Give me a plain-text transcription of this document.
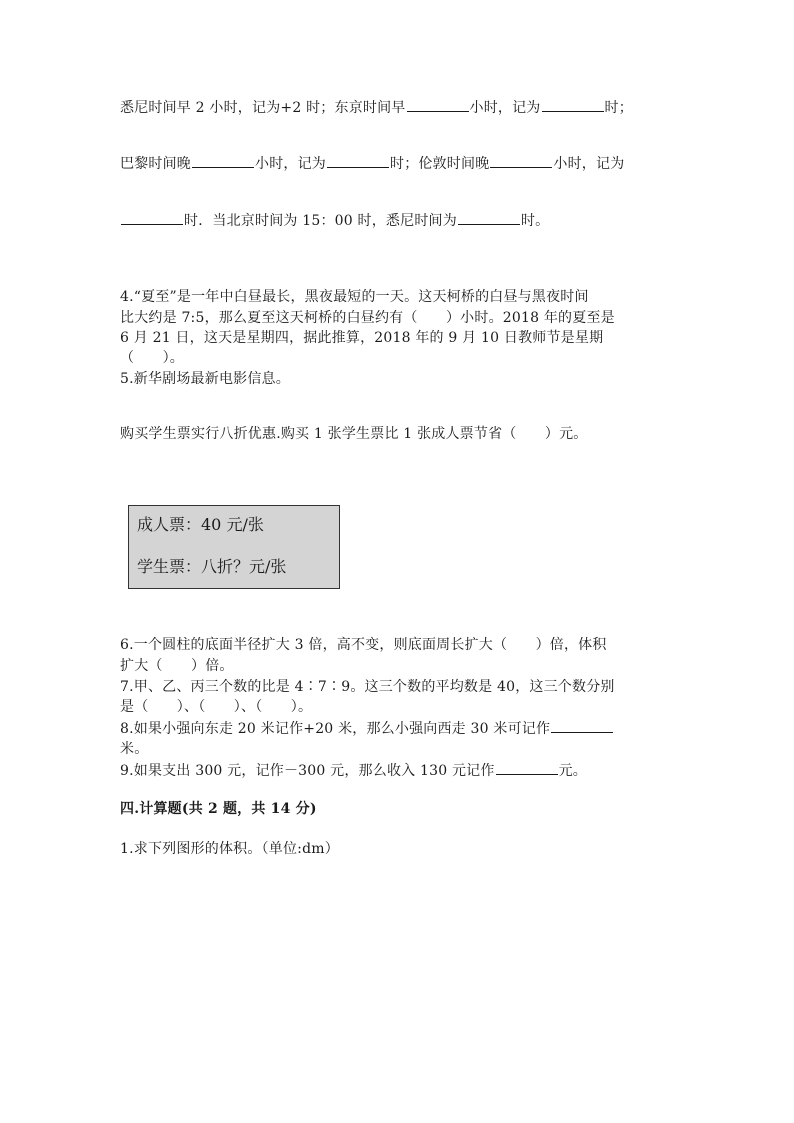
悉尼时间早 2 小时，记为+2 时；东京时间早	小时，记为	时；
巴黎时间晚	小时，记为	时；伦敦时间晚	小时，记为
时．当北京时间为 15：00 时，悉尼时间为	时。
4.“夏至”是一年中白昼最长，黑夜最短的一天。这天柯桥的白昼与黑夜时间
比大约是 7:5，那么夏至这天柯桥的白昼约有（　　）小时。2018 年的夏至是
6 月 21 日，这天是星期四，据此推算，2018 年的 9 月 10 日教师节是星期
（　　）。
5.新华剧场最新电影信息。
购买学生票实行八折优惠.购买 1 张学生票比 1 张成人票节省（　　）元。
成人票：40 元/张
学生票：八折？元/张
6.一个圆柱的底面半径扩大 3 倍，高不变，则底面周长扩大（　　）倍，体积
扩大（　　）倍。
7.甲、乙、丙三个数的比是 4∶7∶9。这三个数的平均数是 40，这三个数分别
是（　　）、（　　）、（　　）。
8.如果小强向东走 20 米记作+20 米，那么小强向西走 30 米可记作
米。
9.如果支出 300 元，记作－300 元，那么收入 130 元记作	元。
四.计算题(共 2 题，共 14 分)
1.求下列图形的体积。（单位:dm）
